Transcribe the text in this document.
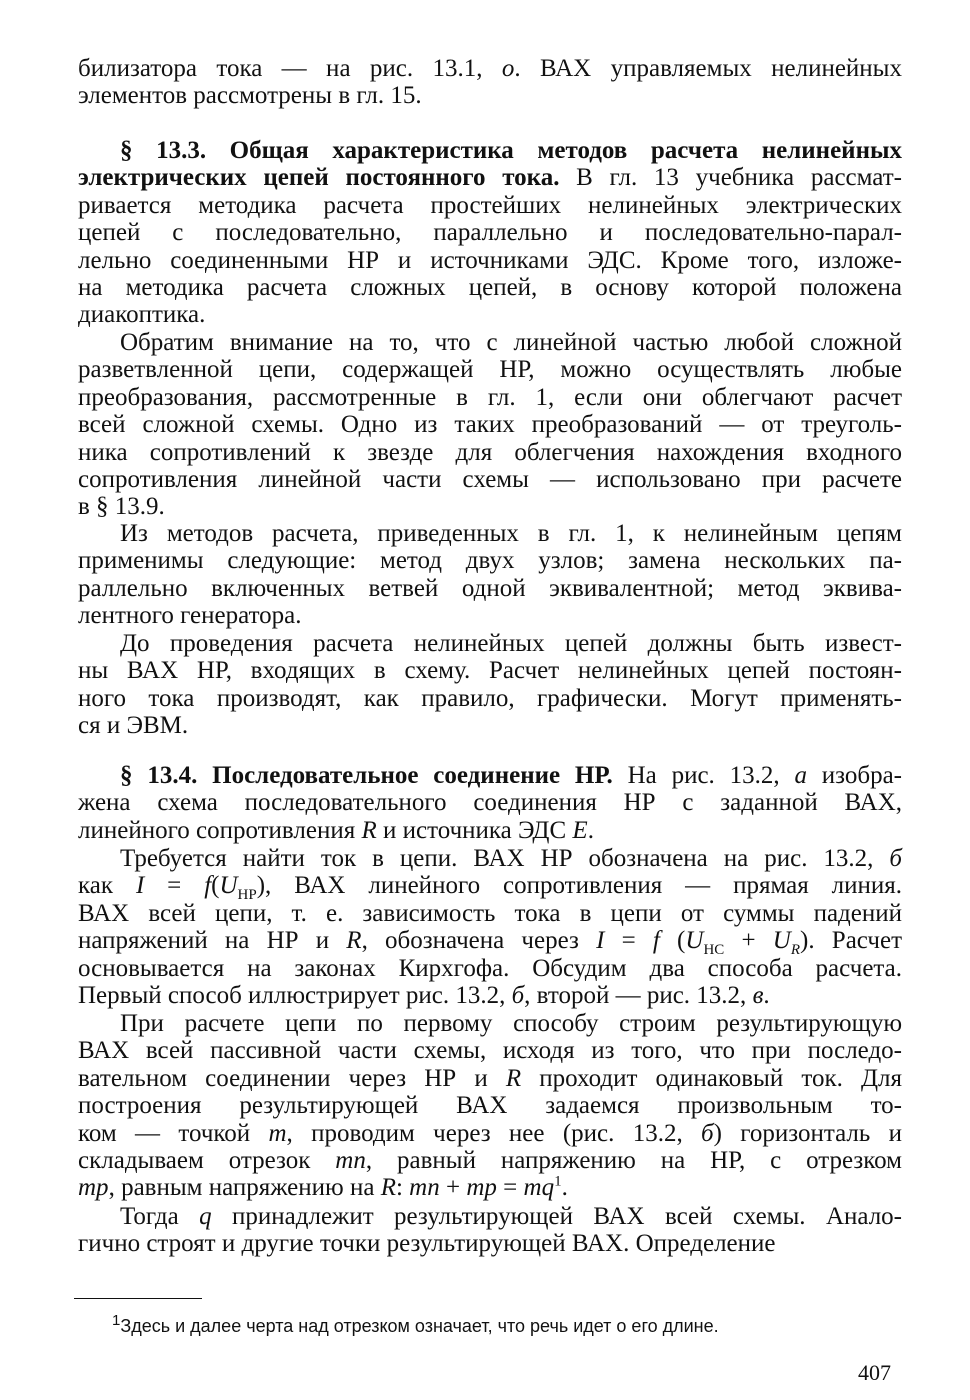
билизатора тока — на рис. 13.1, о. ВАХ управляемых нелинейных
элементов рассмотрены в гл. 15.
§ 13.3. Общая характеристика методов расчета нелинейных
электрических цепей постоянного тока. В гл. 13 учебника рассмат-
ривается методика расчета простейших нелинейных электрических
цепей с последовательно, параллельно и последовательно-парал-
лельно соединенными НР и источниками ЭДС. Кроме того, изложе-
на методика расчета сложных цепей, в основу которой положена
диакоптика.
Обратим внимание на то, что с линейной частью любой сложной
разветвленной цепи, содержащей НР, можно осуществлять любые
преобразования, рассмотренные в гл. 1, если они облегчают расчет
всей сложной схемы. Одно из таких преобразований — от треуголь-
ника сопротивлений к звезде для облегчения нахождения входного
сопротивления линейной части схемы — использовано при расчете
в § 13.9.
Из методов расчета, приведенных в гл. 1, к нелинейным цепям
применимы следующие: метод двух узлов; замена нескольких па-
раллельно включенных ветвей одной эквивалентной; метод эквива-
лентного генератора.
До проведения расчета нелинейных цепей должны быть извест-
ны ВАХ НР, входящих в схему. Расчет нелинейных цепей постоян-
ного тока производят, как правило, графически. Могут применять-
ся и ЭВМ.
§ 13.4. Последовательное соединение НР. На рис. 13.2, а изобра-
жена схема последовательного соединения НР с заданной ВАХ,
линейного сопротивления R и источника ЭДС E.
Требуется найти ток в цепи. ВАХ НР обозначена на рис. 13.2, б
как $I = f(U_{НР})$, ВАХ линейного сопротивления — прямая линия.
ВАХ всей цепи, т. е. зависимость тока в цепи от суммы падений
напряжений на НР и R, обозначена через I = f $(U_{НС} + U_R)$. Расчет
основывается на законах Кирхгофа. Обсудим два способа расчета.
Первый способ иллюстрирует рис. 13.2, б, второй — рис. 13.2, в.
При расчете цепи по первому способу строим результирующую
ВАХ всей пассивной части схемы, исходя из того, что при последо-
вательном соединении через НР и R проходит одинаковый ток. Для
построения результирующей ВАХ задаемся произвольным то-
ком — точкой m, проводим через нее (рис. 13.2, б) горизонталь и
складываем отрезок mn, равный напряжению на НР, с отрезком
mp, равным напряжению на R: mn + mp = $mq^1$.
Тогда q принадлежит результирующей ВАХ всей схемы. Анало-
гично строят и другие точки результирующей ВАХ. Определение
$^1$Здесь и далее черта над отрезком означает, что речь идет о его длине.
407
